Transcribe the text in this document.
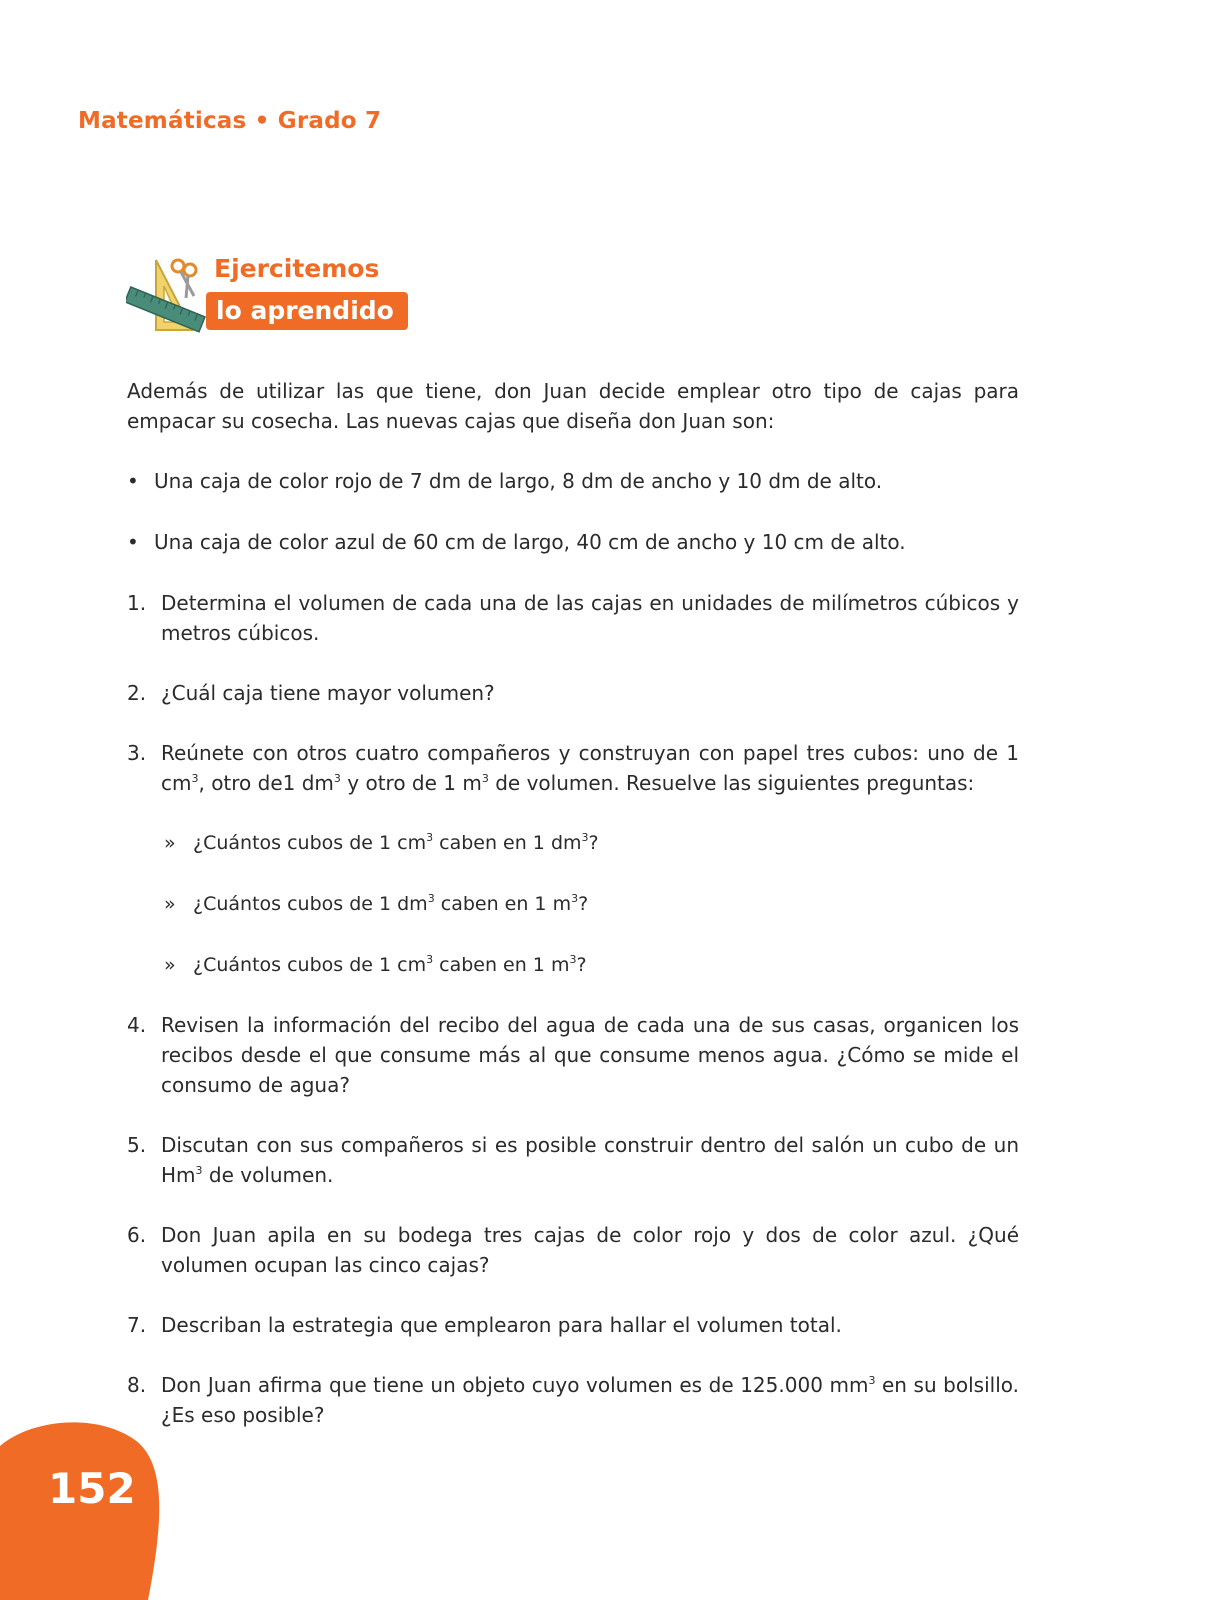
Matemáticas • Grado 7
Ejercitemos
lo aprendido

Además de utilizar las que tiene, don Juan decide emplear otro tipo de cajas para empacar su cosecha. Las nuevas cajas que diseña don Juan son:

• Una caja de color rojo de 7 dm de largo, 8 dm de ancho y 10 dm de alto.
• Una caja de color azul de 60 cm de largo, 40 cm de ancho y 10 cm de alto.
1. Determina el volumen de cada una de las cajas en unidades de milímetros cúbicos y metros cúbicos.

2. ¿Cuál caja tiene mayor volumen?

3. Reúnete con otros cuatro compañeros y construyan con papel tres cubos: uno de 1 $cm^3$, otro de1 $dm^3$ y otro de 1 $m^3$ de volumen. Resuelve las siguientes preguntas:

» ¿Cuántos cubos de 1 $cm^3$ caben en 1 $dm^3$?
» ¿Cuántos cubos de 1 $dm^3$ caben en 1 $m^3$?
» ¿Cuántos cubos de 1 $cm^3$ caben en 1 $m^3$?
4. Revisen la información del recibo del agua de cada una de sus casas, organicen los recibos desde el que consume más al que consume menos agua. ¿Cómo se mide el consumo de agua?

5. Discutan con sus compañeros si es posible construir dentro del salón un cubo de un Hm$^3$ de volumen.

6. Don Juan apila en su bodega tres cajas de color rojo y dos de color azul. ¿Qué volumen ocupan las cinco cajas?

7. Describan la estrategia que emplearon para hallar el volumen total.

8. Don Juan afirma que tiene un objeto cuyo volumen es de 125.000 $mm^3$ en su bolsillo. ¿Es eso posible?

152
